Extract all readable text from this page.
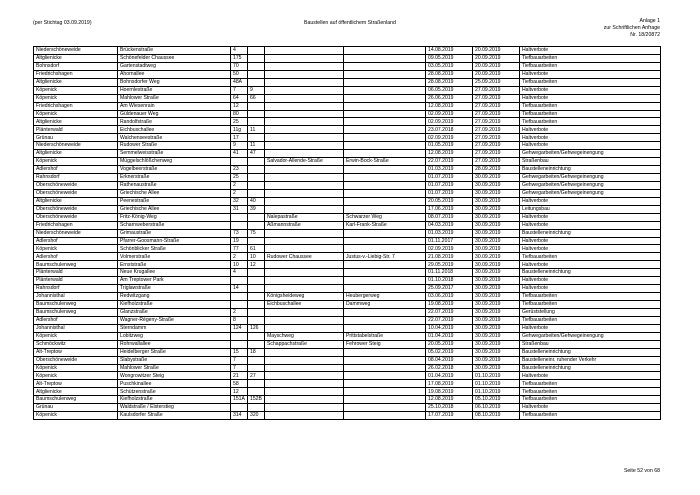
(per Stichtag 03.09.2019)	Baustellen auf öffentlichem Straßenland	Anlage 1
zur Schriftlichen Anfrage
Nr. 18/20872
Niederschöneweide	Brückenstraße	4				14.08.2019	20.09.2019	Haltverbote
Altglienicke	Schönefelder Chaussee	175				09.05.2019	20.09.2019	Tiefbauarbeiten
Bohnsdorf	Gartenstadtweg	70				03.05.2019	20.09.2019	Tiefbauarbeiten
Friedrichshagen	Ahornallee	50				28.08.2019	20.09.2019	Haltverbote
Altglienicke	Bohnsdorfer Weg	48A				28.08.2019	25.09.2019	Tiefbauarbeiten
Köpenick	Hoernlestraße	7	9			06.05.2019	27.09.2019	Haltverbote
Köpenick	Mahlower Straße	64	66			26.06.2019	27.09.2019	Haltverbote
Friedrichshagen	Am Wiesenrain	12				12.08.2019	27.09.2019	Tiefbauarbeiten
Köpenick	Güldenauer Weg	80				02.09.2019	27.09.2019	Tiefbauarbeiten
Altglienicke	Randolfstraße	25				02.09.2019	27.09.2019	Tiefbauarbeiten
Plänterwald	Eichbuschallee	11g	11			23.07.2018	27.09.2019	Haltverbote
Grünau	Walchenseestraße	17				02.09.2019	27.09.2019	Haltverbote
Niederschöneweide	Rudower Straße	9	11			01.05.2019	27.09.2019	Haltverbote
Altglienicke	Semmelweisstraße	41	47			12.08.2019	27.09.2019	Gehwegarbeiten/Gehwegeinengung
Köpenick	Müggelschlößchenweg			Salvador-Allende-Straße	Erwin-Bock-Straße	22.07.2019	27.09.2019	Straßenbau
Adlershof	Vogelbeerstraße	23				01.03.2019	28.09.2019	Baustelleneinrichtung
Rahnsdorf	Erknerstraße	25				01.07.2019	30.09.2019	Gehwegarbeiten/Gehwegeinengung
Oberschöneweide	Rathenaustraße	2				01.07.2019	30.09.2019	Gehwegarbeiten/Gehwegeinengung
Oberschöneweide	Griechische Allee	2				01.07.2019	30.09.2019	Gehwegarbeiten/Gehwegeinengung
Altglienicke	Peenestraße	32	40			20.05.2019	30.09.2019	Haltverbote
Oberschöneweide	Griechische Allee	31	39			17.06.2019	30.09.2019	Leitungsbau
Oberschöneweide	Fritz-König-Weg			Nalepastraße	Schwarzer Weg	08.07.2019	30.09.2019	Haltverbote
Friedrichshagen	Scharnweberstraße			Aßmannstraße	Karl-Frank-Straße	04.03.2019	30.09.2019	Haltverbote
Niederschöneweide	Grimaustraße	73	75			01.03.2019	30.09.2019	Baustelleneinrichtung
Adlershof	Pfarrer-Goosmann-Straße	19				01.11.2017	30.09.2019	Haltverbote
Köpenick	Schönblicker Straße	77	61			02.09.2019	30.09.2019	Haltverbote
Adlershof	Volmerstraße	2	10	Rudower Chaussee	Justus-v.-Liebig-Str. 7	21.08.2019	30.09.2019	Tiefbauarbeiten
Baumschulenweg	Ernststraße	10	12			29.05.2019	30.09.2019	Haltverbote
Plänterwald	Neue Krugallee	4				01.11.2018	30.09.2019	Baustelleneinrichtung
Plänterwald	Am Treptower Park					01.10.2018	30.09.2019	Haltverbote
Rahnsdorf	Triglawstraße	14				25.09.2017	30.09.2019	Haltverbote
Johannisthal	Redwitzgang			Königsheideweg	Heubergerweg	03.06.2019	30.09.2019	Tiefbauarbeiten
Baumschulenweg	Kiefholzstraße			Eichbuschallee	Dammweg	19.08.2019	30.09.2019	Tiefbauarbeiten
Baumschulenweg	Glanzstraße	2				22.07.2019	30.09.2019	Gerüststellung
Adlershof	Wagner-Régeny-Straße	8				22.07.2019	30.09.2019	Tiefbauarbeiten
Johannisthal	Sterndamm	124	126			10.04.2019	30.09.2019	Haltverbote
Köpenick	Lobitzweg			Mayschweg	Prittstabelstraße	01.04.2019	30.09.2019	Gehwegarbeiten/Gehwegeinengung
Schmöckwitz	Rohrwallallee			Schappachstraße	Fehrower Steig	20.05.2019	30.09.2019	Straßenbau
Alt-Treptow	Heidelberger Straße	15	18			05.02.2019	30.09.2019	Baustelleneinrichtung
Oberschöneweide	Slabystraße	7				08.04.2019	30.09.2019	Baustelleneinr. ruhender Verkehr
Köpenick	Mahlower Straße	7				26.02.2018	30.09.2019	Baustelleneinrichtung
Köpenick	Wongrowitzer Steig	21	27			01.04.2019	01.10.2019	Haltverbote
Alt-Treptow	Puschkinallee	58				17.08.2019	01.10.2019	Tiefbauarbeiten
Altglienicke	Schützenstraße	12				19.08.2019	01.10.2019	Tiefbauarbeiten
Baumschulenweg	Kiefholzstraße	151A	152B			12.08.2019	05.10.2019	Tiefbauarbeiten
Grünau	Waldstraße / Elsterstieg					25.10.2018	06.10.2019	Haltverbote
Köpenick	Kaulsdorfer Straße	314	320			17.07.2019	08.10.2019	Tiefbauarbeiten
Seite 52 von 68
